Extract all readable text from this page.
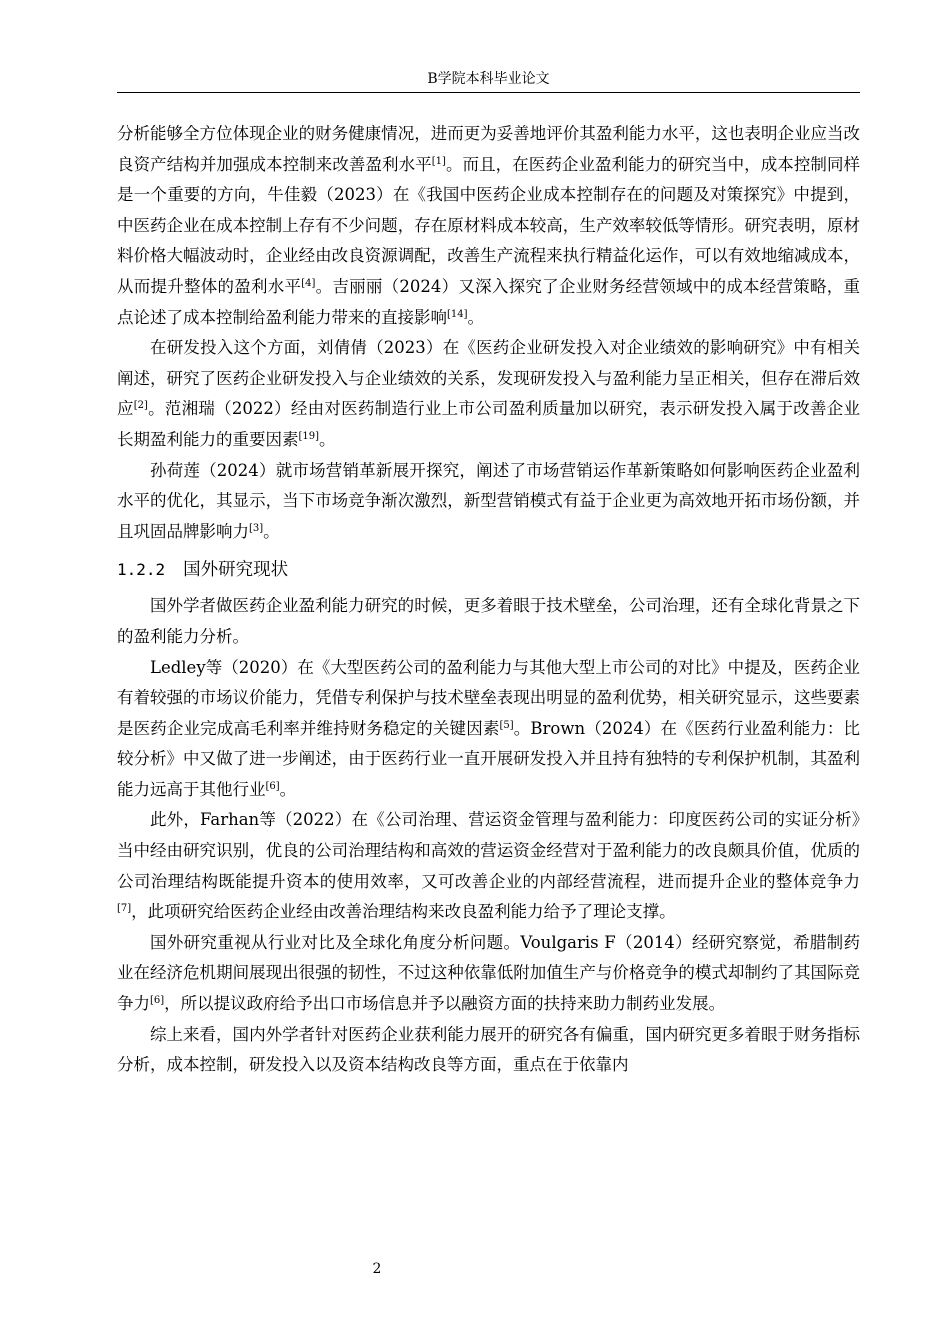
B学院本科毕业论文

分析能够全方位体现企业的财务健康情况，进而更为妥善地评价其盈利能力水平，这也表明企业应当改良资产结构并加强成本控制来改善盈利水平[1]。而且，在医药企业盈利能力的研究当中，成本控制同样是一个重要的方向，牛佳毅（2023）在《我国中医药企业成本控制存在的问题及对策探究》中提到，中医药企业在成本控制上存有不少问题，存在原材料成本较高，生产效率较低等情形。研究表明，原材料价格大幅波动时，企业经由改良资源调配，改善生产流程来执行精益化运作，可以有效地缩减成本，从而提升整体的盈利水平[4]。吉丽丽（2024）又深入探究了企业财务经营领域中的成本经营策略，重点论述了成本控制给盈利能力带来的直接影响[14]。

在研发投入这个方面，刘倩倩（2023）在《医药企业研发投入对企业绩效的影响研究》中有相关阐述，研究了医药企业研发投入与企业绩效的关系，发现研发投入与盈利能力呈正相关，但存在滞后效应[2]。范湘瑞（2022）经由对医药制造行业上市公司盈利质量加以研究，表示研发投入属于改善企业长期盈利能力的重要因素[19]。

孙荷莲（2024）就市场营销革新展开探究，阐述了市场营销运作革新策略如何影响医药企业盈利水平的优化，其显示，当下市场竞争渐次激烈，新型营销模式有益于企业更为高效地开拓市场份额，并且巩固品牌影响力[3]。

1.2.2 国外研究现状

国外学者做医药企业盈利能力研究的时候，更多着眼于技术壁垒，公司治理，还有全球化背景之下的盈利能力分析。

Ledley等（2020）在《大型医药公司的盈利能力与其他大型上市公司的对比》中提及，医药企业有着较强的市场议价能力，凭借专利保护与技术壁垒表现出明显的盈利优势，相关研究显示，这些要素是医药企业完成高毛利率并维持财务稳定的关键因素[5]。Brown（2024）在《医药行业盈利能力：比较分析》中又做了进一步阐述，由于医药行业一直开展研发投入并且持有独特的专利保护机制，其盈利能力远高于其他行业[6]。

此外，Farhan等（2022）在《公司治理、营运资金管理与盈利能力：印度医药公司的实证分析》当中经由研究识别，优良的公司治理结构和高效的营运资金经营对于盈利能力的改良颇具价值，优质的公司治理结构既能提升资本的使用效率，又可改善企业的内部经营流程，进而提升企业的整体竞争力[7]，此项研究给医药企业经由改善治理结构来改良盈利能力给予了理论支撑。

国外研究重视从行业对比及全球化角度分析问题。Voulgaris F（2014）经研究察觉，希腊制药业在经济危机期间展现出很强的韧性，不过这种依靠低附加值生产与价格竞争的模式却制约了其国际竞争力[6]，所以提议政府给予出口市场信息并予以融资方面的扶持来助力制药业发展。

综上来看，国内外学者针对医药企业获利能力展开的研究各有偏重，国内研究更多着眼于财务指标分析，成本控制，研发投入以及资本结构改良等方面，重点在于依靠内

2
